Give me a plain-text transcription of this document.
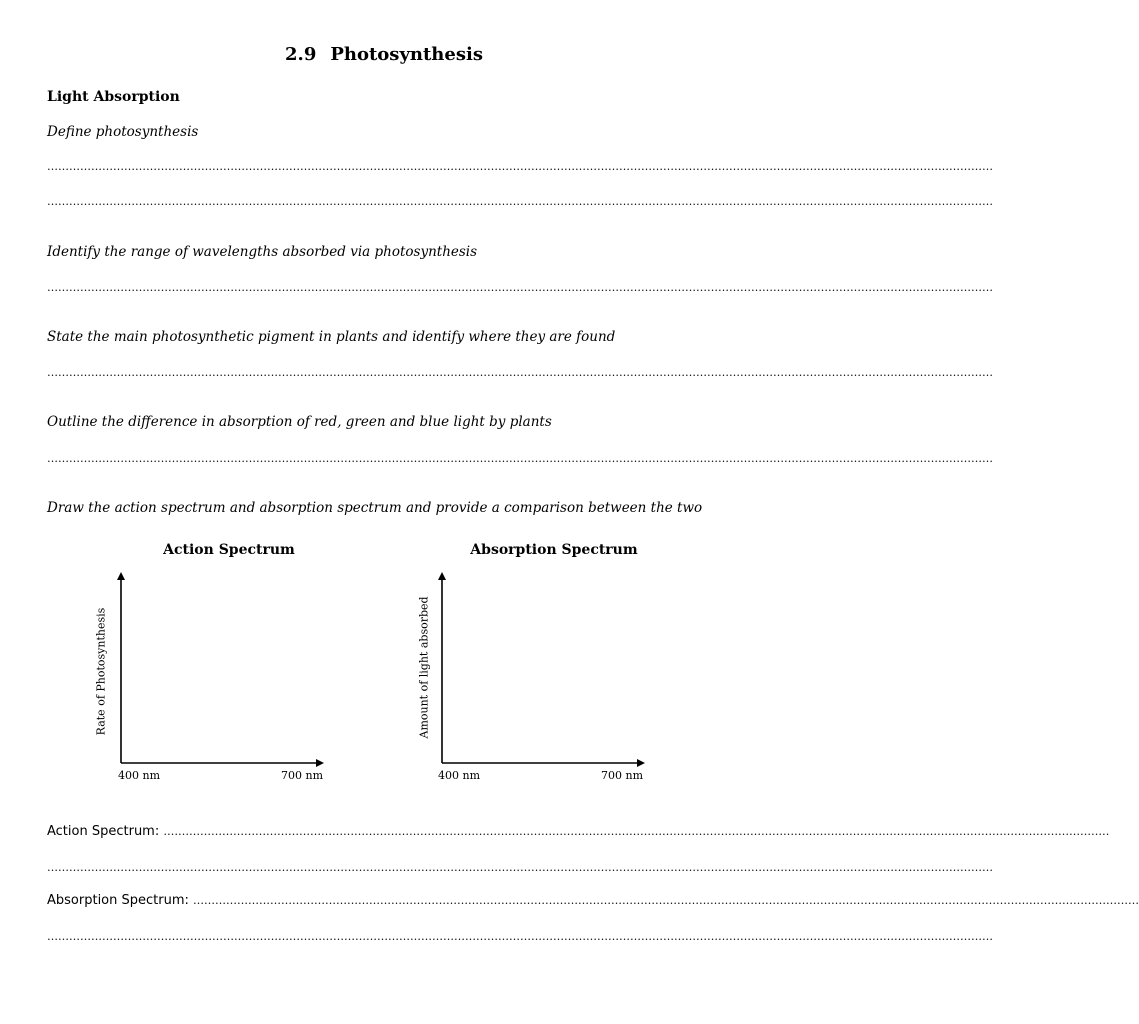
2.9 Photosynthesis
Light Absorption
Define photosynthesis
……………………………………………………………………………………………………………………………………………………………………………………………………………………………………
……………………………………………………………………………………………………………………………………………………………………………………………………………………………………
Identify the range of wavelengths absorbed via photosynthesis
……………………………………………………………………………………………………………………………………………………………………………………………………………………………………
State the main photosynthetic pigment in plants and identify where they are found
……………………………………………………………………………………………………………………………………………………………………………………………………………………………………
Outline the difference in absorption of red, green and blue light by plants
……………………………………………………………………………………………………………………………………………………………………………………………………………………………………
Draw the action spectrum and absorption spectrum and provide a comparison between the two
Action Spectrum	Absorption Spectrum
Rate of Photosynthesis	Amount of light absorbed
400 nm	700 nm	400 nm	700 nm
Action Spectrum: ……………………………………………………………………………………………………………………………………………………………………………………………………………………………………
……………………………………………………………………………………………………………………………………………………………………………………………………………………………………
Absorption Spectrum: ……………………………………………………………………………………………………………………………………………………………………………………………………………………………………
……………………………………………………………………………………………………………………………………………………………………………………………………………………………………
